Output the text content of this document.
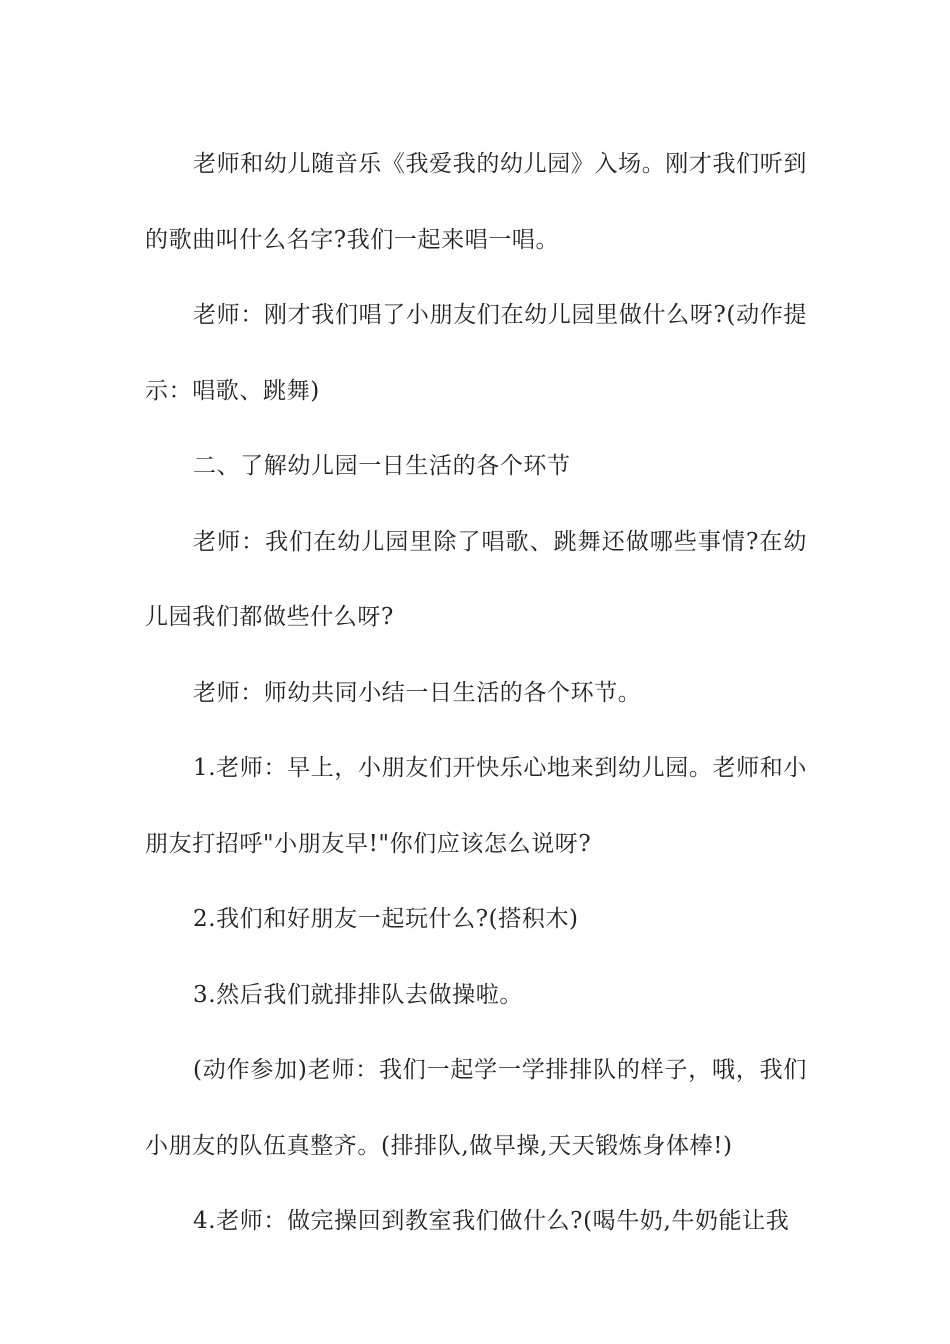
老师和幼儿随音乐《我爱我的幼儿园》入场。刚才我们听到的歌曲叫什么名字?我们一起来唱一唱。

老师：刚才我们唱了小朋友们在幼儿园里做什么呀?(动作提示：唱歌、跳舞)

二、了解幼儿园一日生活的各个环节

老师：我们在幼儿园里除了唱歌、跳舞还做哪些事情?在幼儿园我们都做些什么呀?

老师：师幼共同小结一日生活的各个环节。

1.老师：早上，小朋友们开快乐心地来到幼儿园。老师和小朋友打招呼"小朋友早!"你们应该怎么说呀?

2.我们和好朋友一起玩什么?(搭积木)

3.然后我们就排排队去做操啦。

(动作参加)老师：我们一起学一学排排队的样子，哦，我们小朋友的队伍真整齐。(排排队,做早操,天天锻炼身体棒!)

4.老师：做完操回到教室我们做什么?(喝牛奶,牛奶能让我
